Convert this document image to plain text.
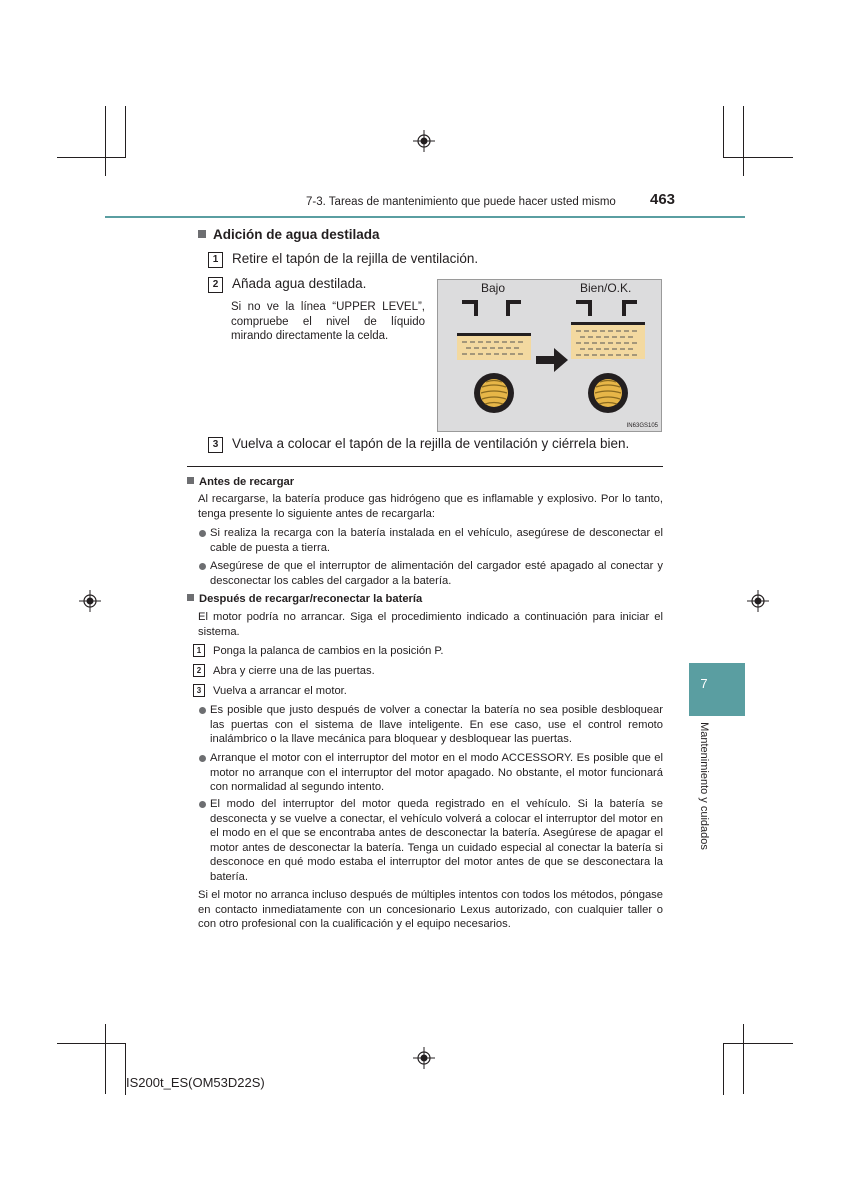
7-3. Tareas de mantenimiento que puede hacer usted mismo 463
Adición de agua destilada
1 Retire el tapón de la rejilla de ventilación.
2 Añada agua destilada.
Si no ve la línea “UPPER LEVEL”, compruebe el nivel de líquido mirando directamente la celda.
Bajo	Bien/O.K.
IN63GS105
3 Vuelva a colocar el tapón de la rejilla de ventilación y ciérrela bien.
Antes de recargar
Al recargarse, la batería produce gas hidrógeno que es inflamable y explosivo. Por lo tanto, tenga presente lo siguiente antes de recargarla:
Si realiza la recarga con la batería instalada en el vehículo, asegúrese de desconectar el cable de puesta a tierra.
Asegúrese de que el interruptor de alimentación del cargador esté apagado al conectar y desconectar los cables del cargador a la batería.
Después de recargar/reconectar la batería
El motor podría no arrancar. Siga el procedimiento indicado a continuación para iniciar el sistema.
1 Ponga la palanca de cambios en la posición P.
2 Abra y cierre una de las puertas.
3 Vuelva a arrancar el motor.
Es posible que justo después de volver a conectar la batería no sea posible desbloquear las puertas con el sistema de llave inteligente. En ese caso, use el control remoto inalámbrico o la llave mecánica para bloquear y desbloquear las puertas.
Arranque el motor con el interruptor del motor en el modo ACCESSORY. Es posible que el motor no arranque con el interruptor del motor apagado. No obstante, el motor funcionará con normalidad al segundo intento.
El modo del interruptor del motor queda registrado en el vehículo. Si la batería se desconecta y se vuelve a conectar, el vehículo volverá a colocar el interruptor del motor en el modo en el que se encontraba antes de desconectar la batería. Asegúrese de apagar el motor antes de desconectar la batería. Tenga un cuidado especial al conectar la batería si desconoce en qué modo estaba el interruptor del motor antes de que se desconectara la batería.
Si el motor no arranca incluso después de múltiples intentos con todos los métodos, póngase en contacto inmediatamente con un concesionario Lexus autorizado, con cualquier taller o con otro profesional con la cualificación y el equipo necesarios.
7
Mantenimiento y cuidados
IS200t_ES(OM53D22S)
